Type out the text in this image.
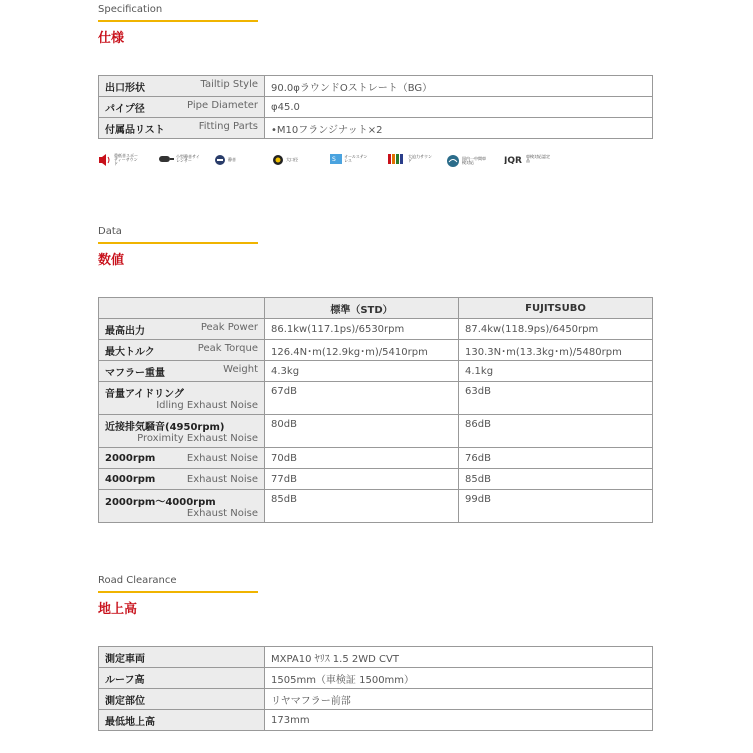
Specification
仕様
出口形状 Tailtip Style	90.0φラウンドOストレート（BG）

パイプ径 Pipe Diameter	φ45.0

付属品リスト Fitting Parts	•M10フランジナット×2
重低音スポーティーサウンド
小型静音サイレンサー	静音	大口径	S オールステンレス
大迫力サウンド	国内一中間車検対応	JQR 車検対応認定品
Data
数値
	標準（STD）	FUJITSUBO

最高出力 Peak Power	86.1kw(117.1ps)/6530rpm	87.4kw(118.9ps)/6450rpm

最大トルク Peak Torque	126.4N･m(12.9kg･m)/5410rpm	130.3N･m(13.3kg･m)/5480rpm

マフラー重量 Weight	4.3kg	4.1kg

音量アイドリング
Idling Exhaust Noise	67dB	63dB

近接排気騒音(4950rpm)
Proximity Exhaust Noise	80dB	86dB

2000rpm Exhaust Noise	70dB	76dB

4000rpm Exhaust Noise	77dB	85dB

2000rpm～4000rpm
Exhaust Noise	85dB	99dB
Road Clearance
地上高
測定車両	MXPA10 ﾔﾘｽ 1.5 2WD CVT

ルーフ高	1505mm（車検証 1500mm）

測定部位	リヤマフラー前部

最低地上高	173mm
